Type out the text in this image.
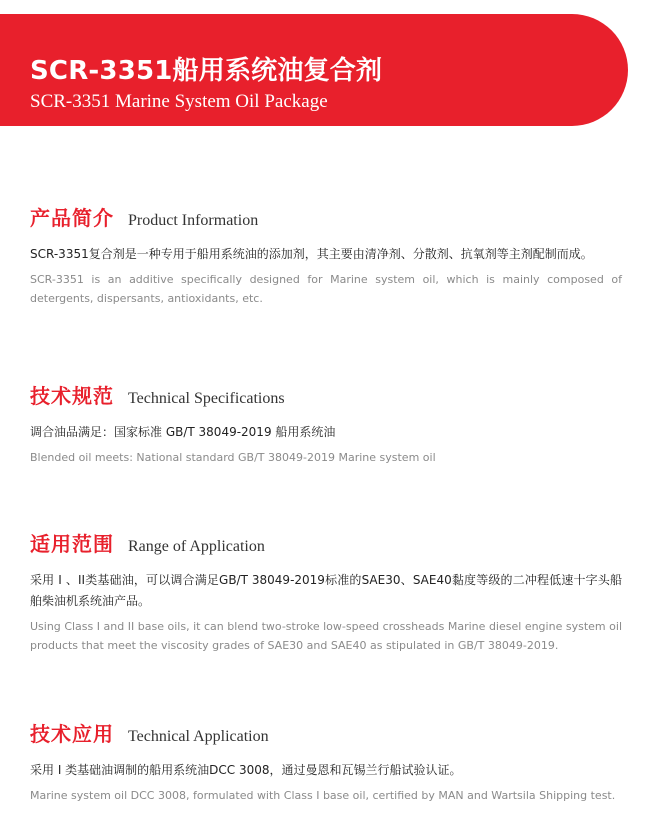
SCR-3351船用系统油复合剂
SCR-3351 Marine System Oil Package
产品简介 Product Information

SCR-3351复合剂是一种专用于船用系统油的添加剂，其主要由清净剂、分散剂、抗氧剂等主剂配制而成。

SCR-3351 is an additive specifically designed for Marine system oil, which is mainly composed of detergents, dispersants, antioxidants, etc.

技术规范 Technical Specifications

调合油品满足：国家标准 GB/T 38049-2019 船用系统油

Blended oil meets: National standard GB/T 38049-2019 Marine system oil

适用范围 Range of Application

采用 I 、II类基础油，可以调合满足GB/T 38049-2019标准的SAE30、SAE40黏度等级的二冲程低速十字头船舶柴油机系统油产品。

Using Class I and II base oils, it can blend two-stroke low-speed crossheads Marine diesel engine system oil products that meet the viscosity grades of SAE30 and SAE40 as stipulated in GB/T 38049-2019.

技术应用 Technical Application

采用 I 类基础油调制的船用系统油DCC 3008，通过曼恩和瓦锡兰行船试验认证。

Marine system oil DCC 3008, formulated with Class I base oil, certified by MAN and Wartsila Shipping test.
